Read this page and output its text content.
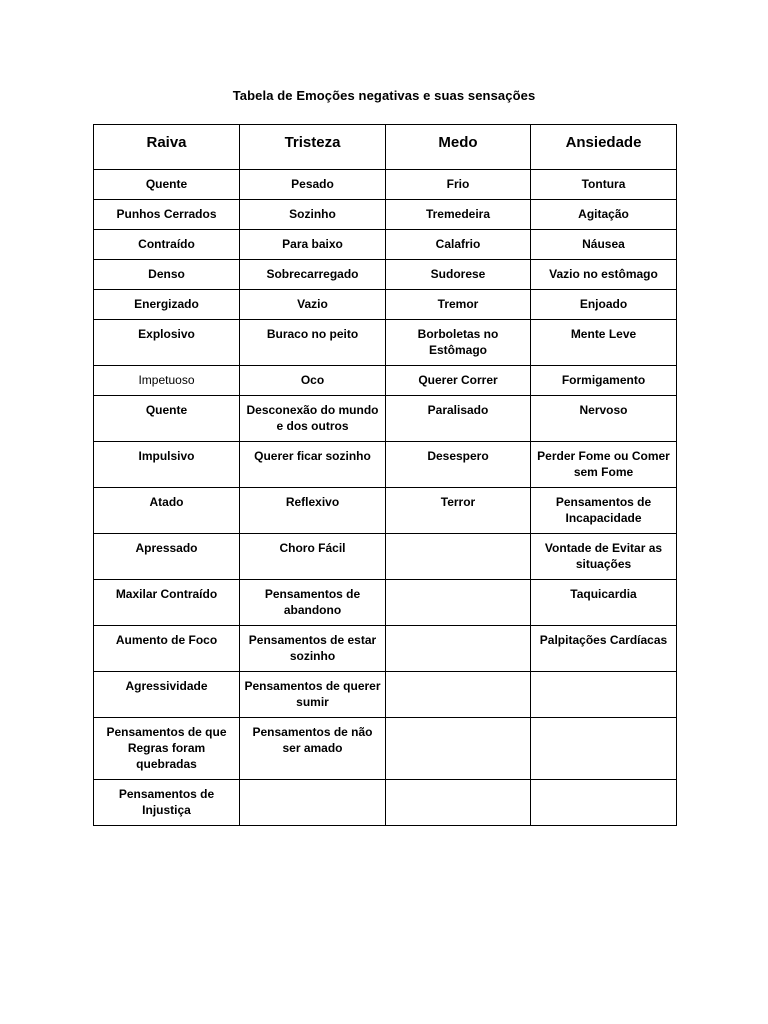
Tabela de Emoções negativas e suas sensações
Raiva	Tristeza	Medo	Ansiedade
Quente	Pesado	Frio	Tontura
Punhos Cerrados	Sozinho	Tremedeira	Agitação
Contraído	Para baixo	Calafrio	Náusea
Denso	Sobrecarregado	Sudorese	Vazio no estômago
Energizado	Vazio	Tremor	Enjoado
Explosivo	Buraco no peito	Borboletas no Estômago	Mente Leve
Impetuoso	Oco	Querer Correr	Formigamento
Quente	Desconexão do mundo e dos outros	Paralisado	Nervoso
Impulsivo	Querer ficar sozinho	Desespero	Perder Fome ou Comer sem Fome
Atado	Reflexivo	Terror	Pensamentos de Incapacidade
Apressado	Choro Fácil		Vontade de Evitar as situações
Maxilar Contraído	Pensamentos de abandono		Taquicardia
Aumento de Foco	Pensamentos de estar sozinho		Palpitações Cardíacas
Agressividade	Pensamentos de querer sumir		
Pensamentos de que Regras foram quebradas	Pensamentos de não ser amado		
Pensamentos de Injustiça			
